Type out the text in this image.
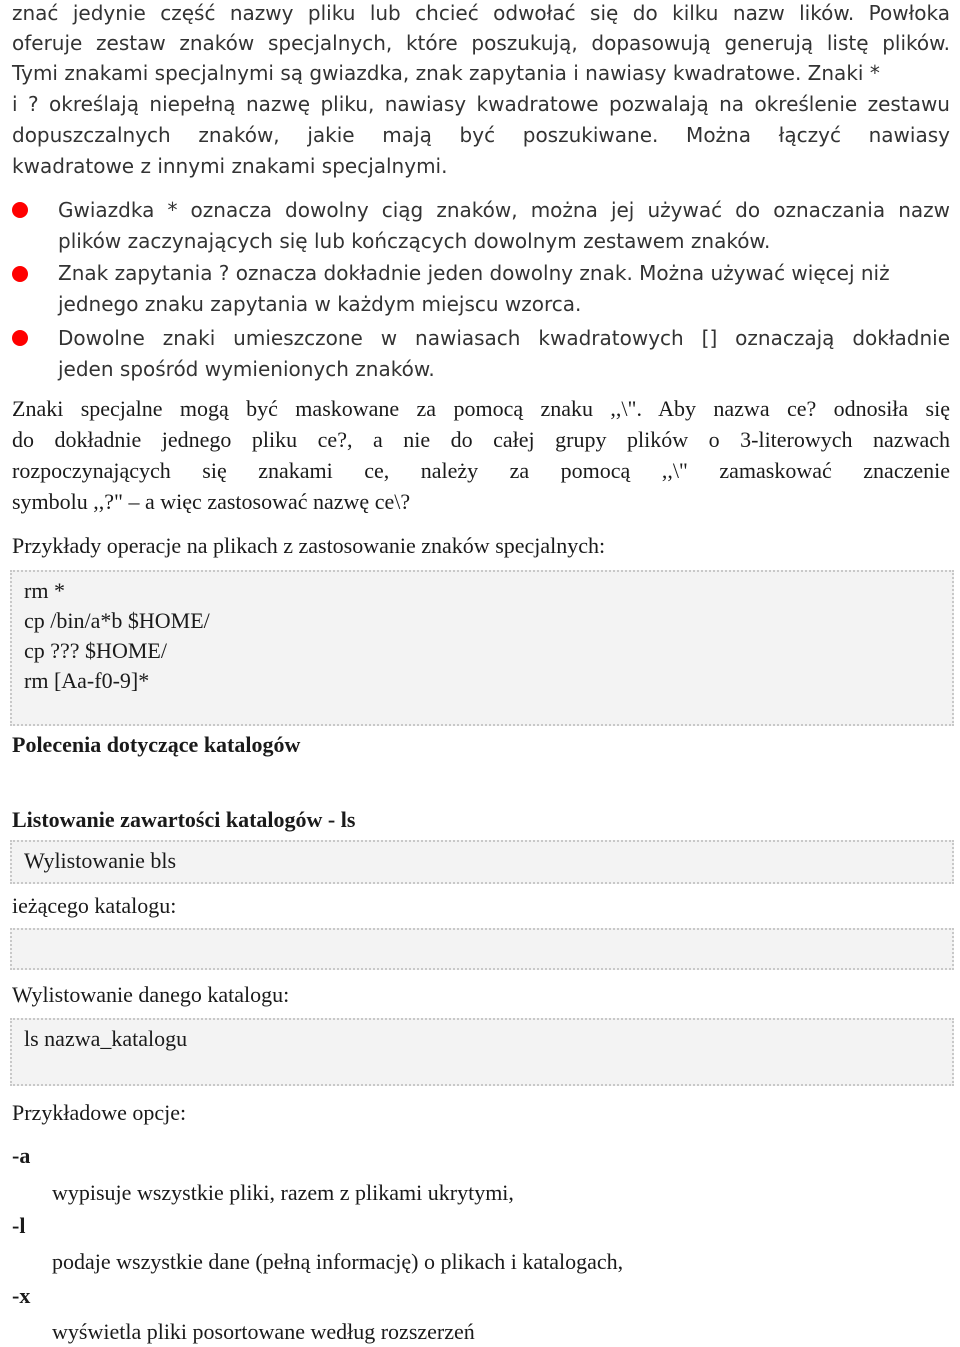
znać jedynie część nazwy pliku lub chcieć odwołać się do kilku nazw lików. Powłoka
oferuje zestaw znaków specjalnych, które poszukują, dopasowują generują listę plików.
Tymi znakami specjalnymi są gwiazdka, znak zapytania i nawiasy kwadratowe. Znaki *
i ? określają niepełną nazwę pliku, nawiasy kwadratowe pozwalają na określenie zestawu
dopuszczalnych znaków, jakie mają być poszukiwane. Można łączyć nawiasy
kwadratowe z innymi znakami specjalnymi.
Gwiazdka * oznacza dowolny ciąg znaków, można jej używać do oznaczania nazw
plików zaczynających się lub kończących dowolnym zestawem znaków.
Znak zapytania ? oznacza dokładnie jeden dowolny znak. Można używać więcej niż
jednego znaku zapytania w każdym miejscu wzorca.
Dowolne znaki umieszczone w nawiasach kwadratowych [] oznaczają dokładnie
jeden spośród wymienionych znaków.
Znaki specjalne mogą być maskowane za pomocą znaku ,,\". Aby nazwa ce? odnosiła się
do dokładnie jednego pliku ce?, a nie do całej grupy plików o 3-literowych nazwach
rozpoczynających się znakami ce, należy za pomocą ,,\" zamaskować znaczenie
symbolu ,,?" – a więc zastosować nazwę ce\?
Przykłady operacje na plikach z zastosowanie znaków specjalnych:
rm *
cp /bin/a*b $HOME/
cp ??? $HOME/
rm [Aa-f0-9]*
Polecenia dotyczące katalogów
Listowanie zawartości katalogów - ls
Wylistowanie bls
ieżącego katalogu:
Wylistowanie danego katalogu:
ls nazwa_katalogu
Przykładowe opcje:
-a
wypisuje wszystkie pliki, razem z plikami ukrytymi,
-l
podaje wszystkie dane (pełną informację) o plikach i katalogach,
-x
wyświetla pliki posortowane według rozszerzeń
